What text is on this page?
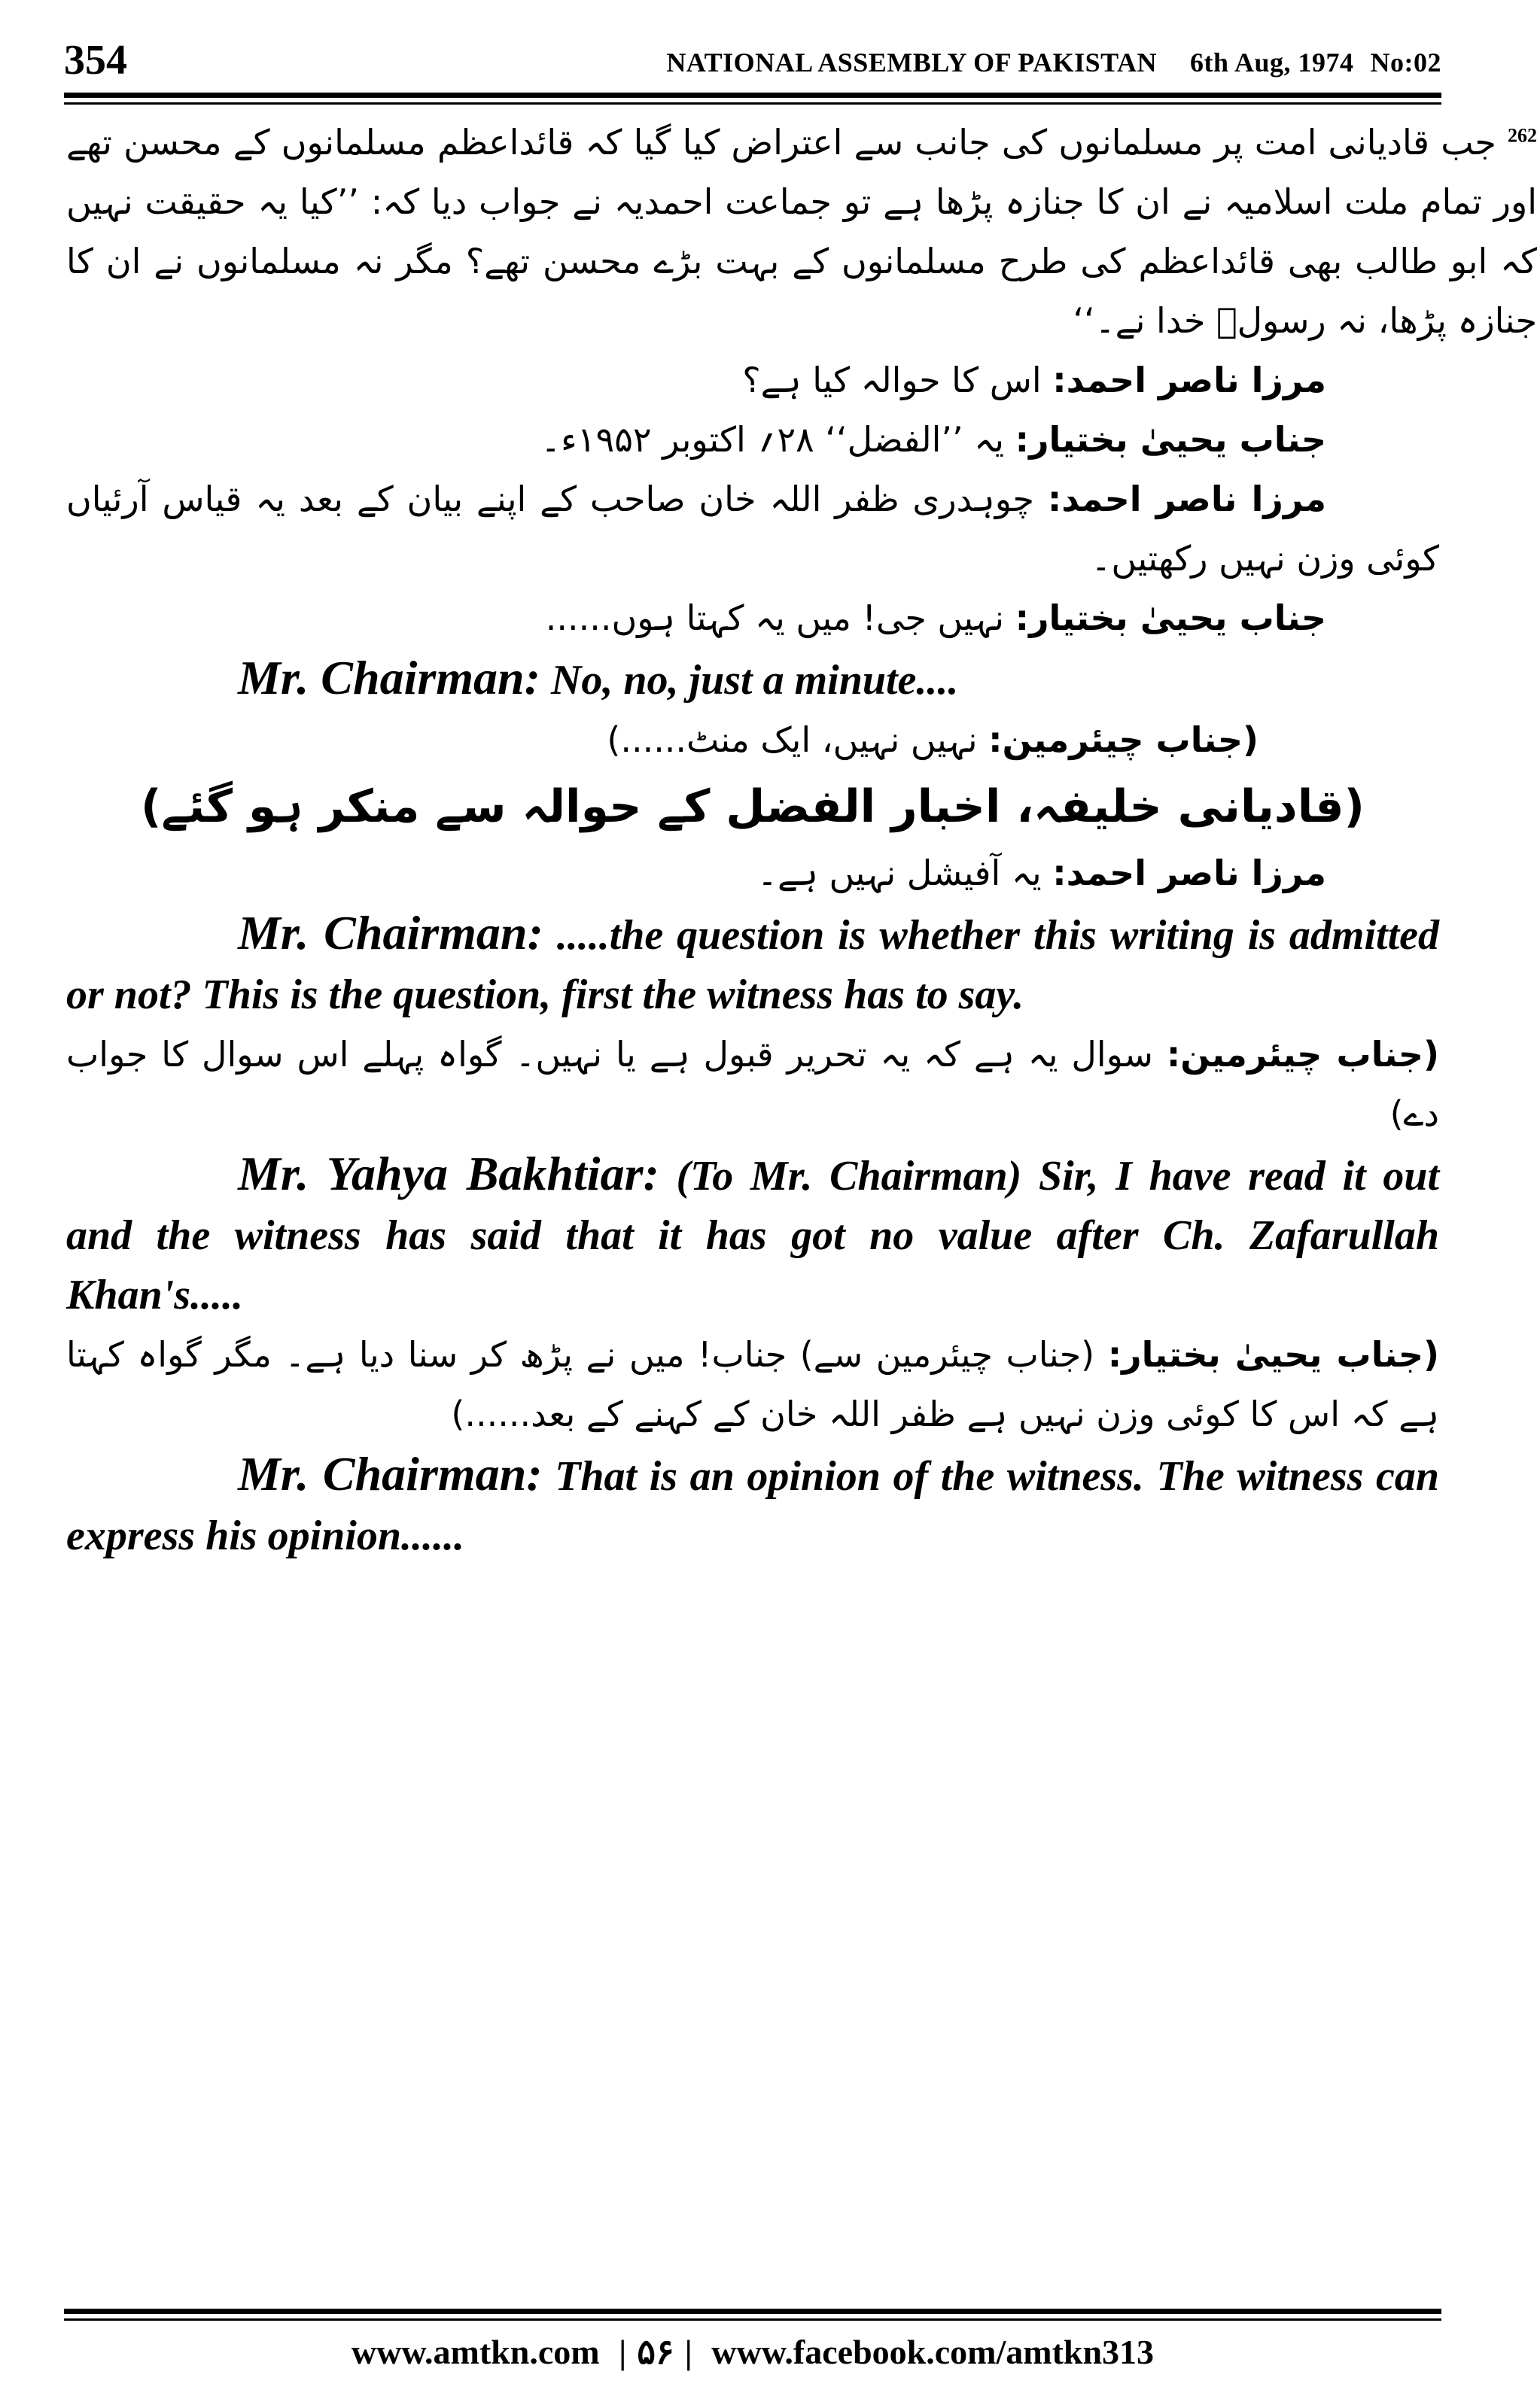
354	NATIONAL ASSEMBLY OF PAKISTAN 6th Aug, 1974 No:02

$^{262}$ جب قادیانی امت پر مسلمانوں کی جانب سے اعتراض کیا گیا کہ قائداعظم مسلمانوں کے محسن تھے اور تمام ملت اسلامیہ نے ان کا جنازہ پڑھا ہے تو جماعت احمدیہ نے جواب دیا کہ: ’’کیا یہ حقیقت نہیں کہ ابو طالب بھی قائداعظم کی طرح مسلمانوں کے بہت بڑے محسن تھے؟ مگر نہ مسلمانوں نے ان کا جنازہ پڑھا، نہ رسولؐ خدا نے۔‘‘

مرزا ناصر احمد: اس کا حوالہ کیا ہے؟

جناب یحییٰ بختیار: یہ ’’الفضل‘‘ ۲۸؍ اکتوبر ۱۹۵۲ء۔

مرزا ناصر احمد: چوہدری ظفر اللہ خان صاحب کے اپنے بیان کے بعد یہ قیاس آرئیاں کوئی وزن نہیں رکھتیں۔

جناب یحییٰ بختیار: نہیں جی! میں یہ کہتا ہوں......

Mr. Chairman: No, no, just a minute....

(جناب چیئرمین: نہیں نہیں، ایک منٹ......)

(قادیانی خلیفہ، اخبار الفضل کے حوالہ سے منکر ہو گئے)

مرزا ناصر احمد: یہ آفیشل نہیں ہے۔

Mr. Chairman: .....the question is whether this writing is admitted or not? This is the question, first the witness has to say.

(جناب چیئرمین: سوال یہ ہے کہ یہ تحریر قبول ہے یا نہیں۔ گواہ پہلے اس سوال کا جواب دے)

Mr. Yahya Bakhtiar: (To Mr. Chairman) Sir, I have read it out and the witness has said that it has got no value after Ch. Zafarullah Khan's.....

(جناب یحییٰ بختیار: (جناب چیئرمین سے) جناب! میں نے پڑھ کر سنا دیا ہے۔ مگر گواہ کہتا ہے کہ اس کا کوئی وزن نہیں ہے ظفر اللہ خان کے کہنے کے بعد......)

Mr. Chairman: That is an opinion of the witness. The witness can express his opinion......

www.amtkn.com | ۵۶ | www.facebook.com/amtkn313
